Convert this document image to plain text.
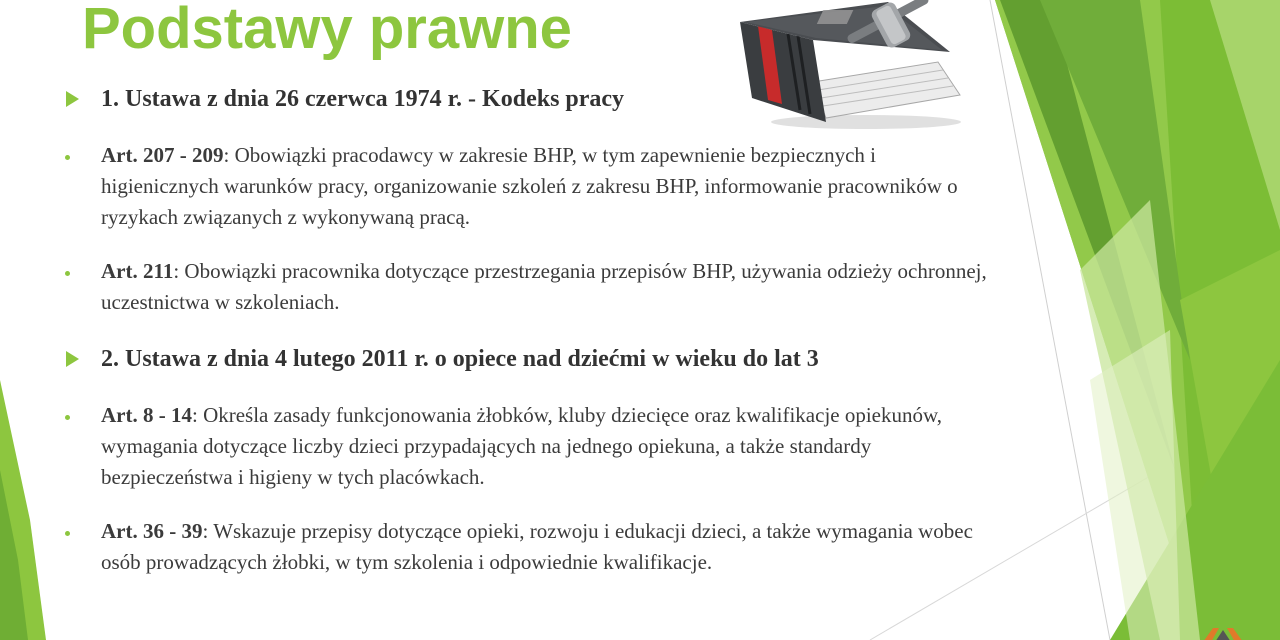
Podstawy prawne

1. Ustawa z dnia 26 czerwca 1974 r. - Kodeks pracy

Art. 207 - 209: Obowiązki pracodawcy w zakresie BHP, w tym zapewnienie bezpiecznych i higienicznych warunków pracy, organizowanie szkoleń z zakresu BHP, informowanie pracowników o ryzykach związanych z wykonywaną pracą.

Art. 211: Obowiązki pracownika dotyczące przestrzegania przepisów BHP, używania odzieży ochronnej, uczestnictwa w szkoleniach.

2. Ustawa z dnia 4 lutego 2011 r. o opiece nad dziećmi w wieku do lat 3

Art. 8 - 14: Określa zasady funkcjonowania żłobków, kluby dziecięce oraz kwalifikacje opiekunów, wymagania dotyczące liczby dzieci przypadających na jednego opiekuna, a także standardy bezpieczeństwa i higieny w tych placówkach.

Art. 36 - 39: Wskazuje przepisy dotyczące opieki, rozwoju i edukacji dzieci, a także wymagania wobec osób prowadzących żłobki, w tym szkolenia i odpowiednie kwalifikacje.
